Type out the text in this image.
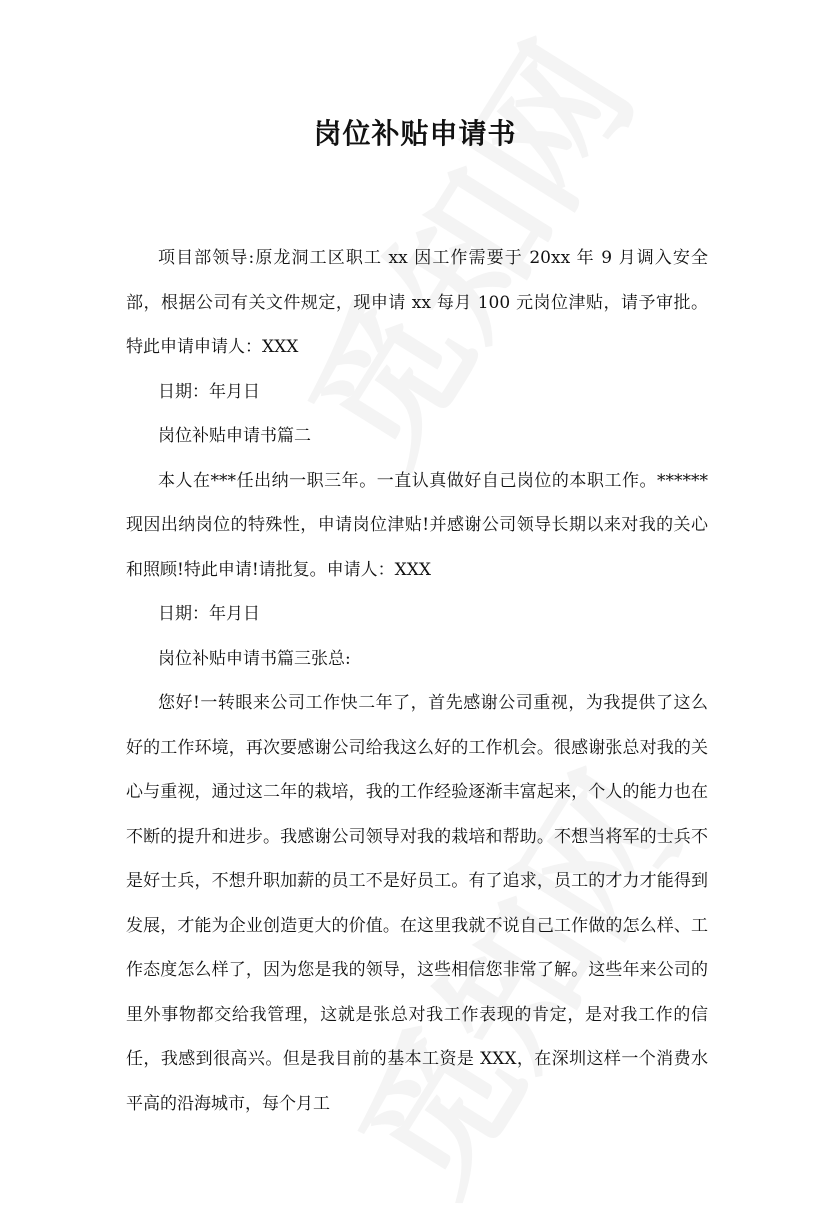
岗位补贴申请书

项目部领导:原龙洞工区职工 xx 因工作需要于 20xx 年 9 月调入安全部，根据公司有关文件规定，现申请 xx 每月 100 元岗位津贴，请予审批。特此申请申请人：XXX

日期：年月日

岗位补贴申请书篇二

本人在***任出纳一职三年。一直认真做好自己岗位的本职工作。******现因出纳岗位的特殊性，申请岗位津贴!并感谢公司领导长期以来对我的关心和照顾!特此申请!请批复。申请人：XXX

日期：年月日

岗位补贴申请书篇三张总:

您好!一转眼来公司工作快二年了，首先感谢公司重视，为我提供了这么好的工作环境，再次要感谢公司给我这么好的工作机会。很感谢张总对我的关心与重视，通过这二年的栽培，我的工作经验逐渐丰富起来，个人的能力也在不断的提升和进步。我感谢公司领导对我的栽培和帮助。不想当将军的士兵不是好士兵，不想升职加薪的员工不是好员工。有了追求，员工的才力才能得到发展，才能为企业创造更大的价值。在这里我就不说自己工作做的怎么样、工作态度怎么样了，因为您是我的领导，这些相信您非常了解。这些年来公司的里外事物都交给我管理，这就是张总对我工作表现的肯定，是对我工作的信任，我感到很高兴。但是我目前的基本工资是 XXX，在深圳这样一个消费水平高的沿海城市，每个月工
